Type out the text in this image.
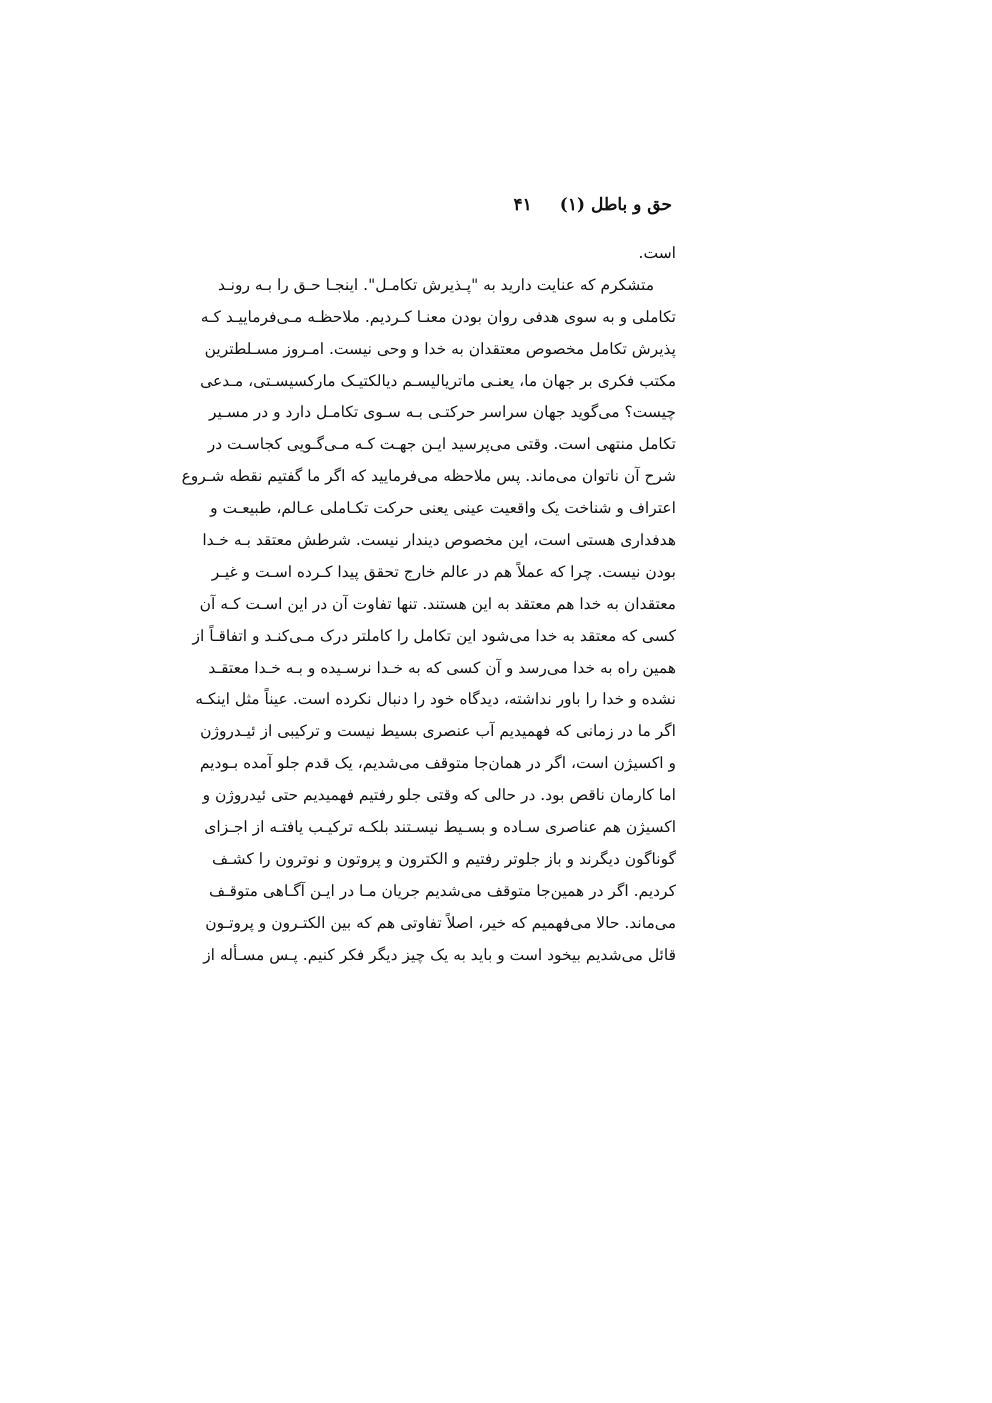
حق و باطل (۱)
۴۱
است.
متشکرم که عنایت دارید به "پـذیرش تکامـل". اینجـا حـق را بـه رونـد
تکاملی و به سوی هدفی روان بودن معنـا کـردیم. ملاحظـه مـی‌فرماییـد کـه
پذیرش تکامل مخصوص معتقدان به خدا و وحی نیست. امـروز مسـلطترین
مکتب فکری بر جهان ما، یعنـی ماتریالیسـم دیالکتیـک مارکسیسـتی، مـدعی
چیست؟ می‌گوید جهان سراسر حرکتـی بـه سـوی تکامـل دارد و در مسـیر
تکامل منتهی است. وقتی می‌پرسید ایـن جهـت کـه مـی‌گـویی کجاسـت در
شرح آن ناتوان می‌ماند. پس ملاحظه می‌فرمایید که اگر ما گفتیم نقطه شـروع
اعتراف و شناخت یک واقعیت عینی یعنی حرکت تکـاملی عـالم، طبیعـت و
هدفداری هستی است، این مخصوص دیندار نیست. شرطش معتقد بـه خـدا
بودن نیست. چرا که عملاً هم در عالم خارج تحقق پیدا کـرده اسـت و غیـر
معتقدان به خدا هم معتقد به این هستند. تنها تفاوت آن در این اسـت کـه آن
کسی که معتقد به خدا می‌شود این تکامل را کاملتر درک مـی‌کنـد و اتفاقـاً از
همین راه به خدا می‌رسد و آن کسی که به خـدا نرسـیده و بـه خـدا معتقـد
نشده و خدا را باور نداشته، دیدگاه خود را دنبال نکرده است. عیناً مثل اینکـه
اگر ما در زمانی که فهمیدیم آب عنصری بسیط نیست و ترکیبی از ئیـدروژن
و اکسیژن است، اگر در همان‌جا متوقف می‌شدیم، یک قدم جلو آمده بـودیم
اما کارمان ناقص بود. در حالی که وقتی جلو رفتیم فهمیدیم حتی ئیدروژن و
اکسیژن هم عناصری سـاده و بسـیط نیسـتند بلکـه ترکیـب یافتـه از اجـزای
گوناگون دیگرند و باز جلوتر رفتیم و الکترون و پروتون و نوترون را کشـف
کردیم. اگر در همین‌جا متوقف می‌شدیم جریان مـا در ایـن آگـاهی متوقـف
می‌ماند. حالا می‌فهمیم که خیر، اصلاً تفاوتی هم که بین الکتـرون و پروتـون
قائل می‌شدیم بیخود است و باید به یک چیز دیگر فکر کنیم. پـس مسـأله از
